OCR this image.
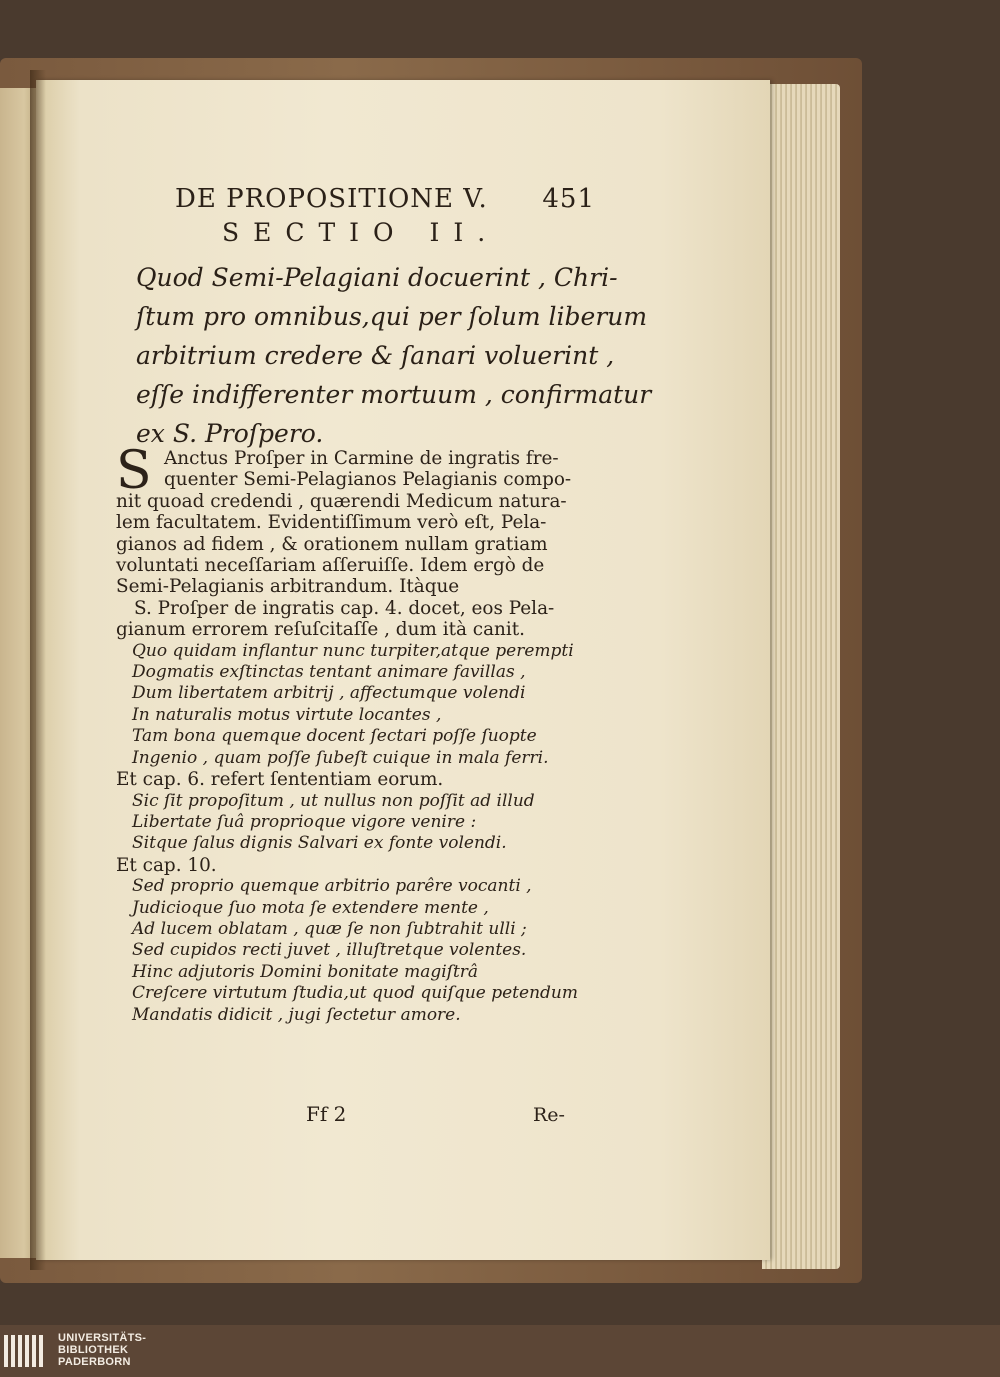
DE PROPOSITIONE V. 451
SECTIO II.
Quod Semi-Pelagiani docuerint , Chri-
ſtum pro omnibus,qui per ſolum liberum
arbitrium credere & ſanari voluerint ,
eſſe indifferenter mortuum , confirmatur
ex S. Proſpero.
S Anctus Proſper in Carmine de ingratis fre-
quenter Semi-Pelagianos Pelagianis compo-
nit quoad credendi , quærendi Medicum natura-
lem facultatem. Evidentiſſimum verò eſt, Pela-
gianos ad fidem , & orationem nullam gratiam
voluntati neceſſariam aſſeruiſſe. Idem ergò de
Semi-Pelagianis arbitrandum. Itàque
S. Proſper de ingratis cap. 4. docet, eos Pela-
gianum errorem reſuſcitaſſe , dum ità canit.
Quo quidam inflantur nunc turpiter,atque perempti
Dogmatis exſtinctas tentant animare favillas ,
Dum libertatem arbitrij , affectumque volendi
In naturalis motus virtute locantes ,
Tam bona quemque docent ſectari poſſe ſuopte
Ingenio , quam poſſe ſubeſt cuique in mala ferri.
Et cap. 6. refert ſententiam eorum.
Sic ſit propoſitum , ut nullus non poſſit ad illud
Libertate ſuâ proprioque vigore venire :
Sitque ſalus dignis Salvari ex fonte volendi.
Et cap. 10.
Sed proprio quemque arbitrio parêre vocanti ,
Judicioque ſuo mota ſe extendere mente ,
Ad lucem oblatam , quæ ſe non ſubtrahit ulli ;
Sed cupidos recti juvet , illuſtretque volentes.
Hinc adjutoris Domini bonitate magiſtrâ
Creſcere virtutum ſtudia,ut quod quiſque petendum
Mandatis didicit , jugi ſectetur amore.
Ff 2	Re-
UNIVERSITÄTS-
BIBLIOTHEK
PADERBORN
